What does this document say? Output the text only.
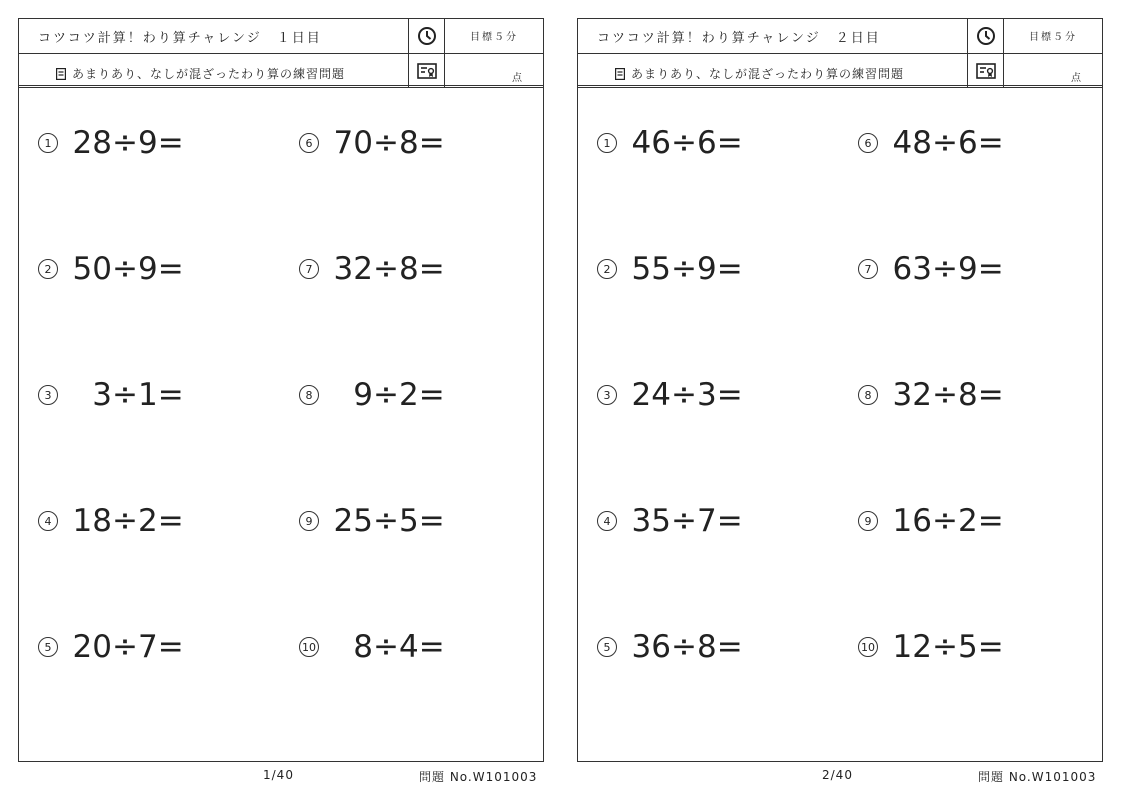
コツコツ計算！わり算チャレンジ　１日目
あまりあり、なしが混ざったわり算の練習問題
目標５分
点
1 28÷9=
2 50÷9=
3	3÷1=
4 18÷2=
5 20÷7=
6 70÷8=
7 32÷8=
8	9÷2=
9 25÷5=
10	8÷4=
1/40	問題 No.W101003
コツコツ計算！わり算チャレンジ　２日目
あまりあり、なしが混ざったわり算の練習問題
目標５分
点
1 46÷6=
2 55÷9=
3 24÷3=
4 35÷7=
5 36÷8=
6 48÷6=
7 63÷9=
8 32÷8=
9 16÷2=
10 12÷5=
2/40	問題 No.W101003
